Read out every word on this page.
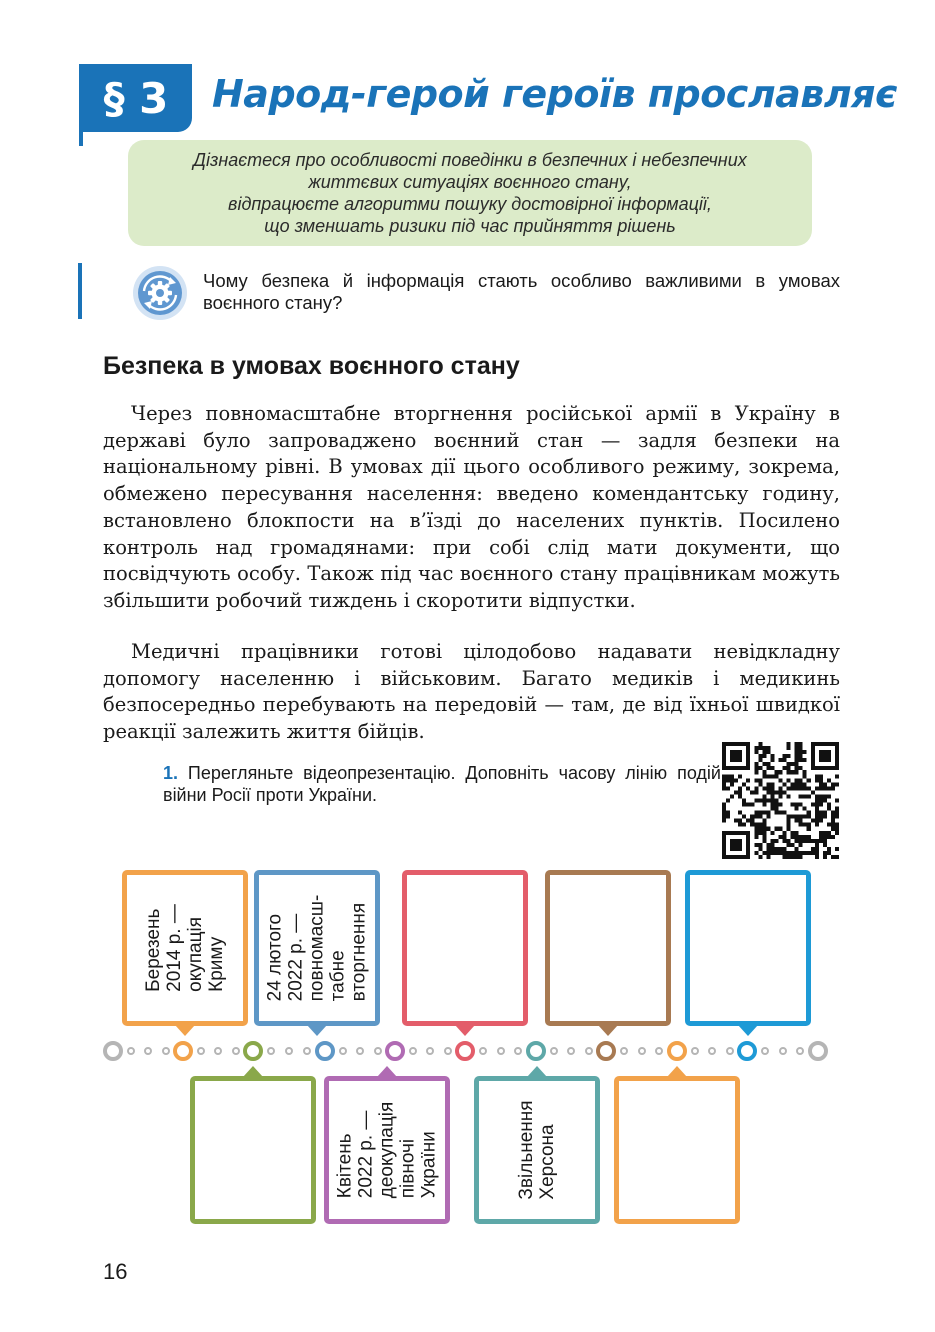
§ 3	Народ-герой героїв прославляє
Дізнаєтеся про особливості поведінки в безпечних і небезпечних
життєвих ситуаціях воєнного стану,
відпрацюєте алгоритми пошуку достовірної інформації,
що зменшать ризики під час прийняття рішень
Чому безпека й інформація стають особливо важливими в умовах воєнного стану?
Безпека в умовах воєнного стану
Через повномасштабне вторгнення російської армії в Україну в державі було запроваджено воєнний стан — задля безпеки на національному рівні. В умовах дії цього особливого режиму, зокрема, обмежено пересування населення: введено комендантську годину, встановлено блокпости на в’їзді до населених пунктів. Посилено контроль над громадянами: при собі слід мати документи, що посвідчують особу. Також під час воєнного стану працівникам можуть збільшити робочий тиждень і скоротити відпустки.
Медичні працівники готові цілодобово надавати невідкладну допомогу населенню і військовим. Багато медиків і медикинь безпосередньо перебувають на передовій — там, де від їхньої швидкої реакції залежить життя бійців.
1. Перегляньте відеопрезентацію. Доповніть часову лінію подій війни Росії проти України.
Березень
2014 р. —
окупація
Криму 24 лютого
2022 р. —
повномасш-
табне
вторгнення
Квітень
2022 р. —
деокупація
півночі
України	Звільнення
Херсона
16
